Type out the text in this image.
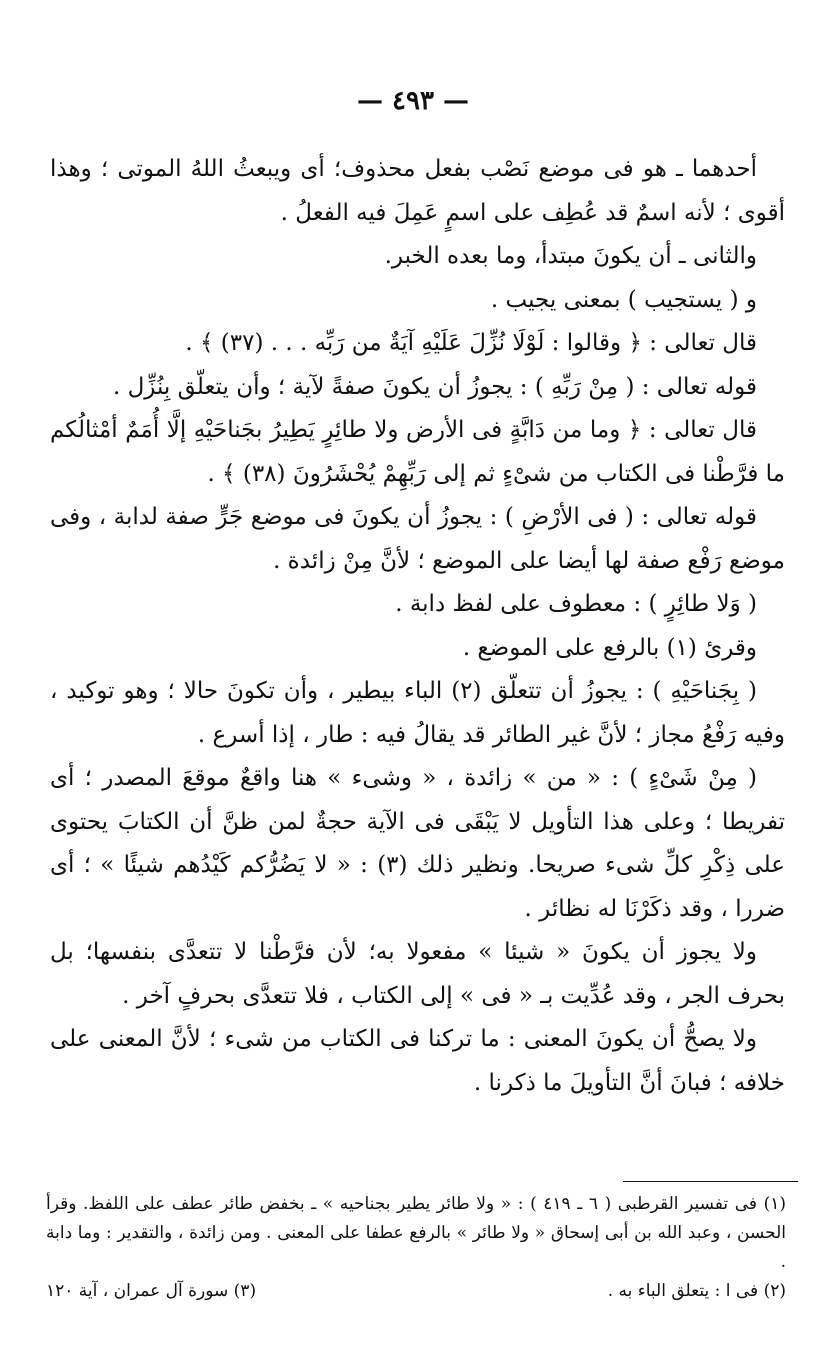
— ٤٩٣ —

أحدهما ـ هو فى موضع نَصْب بفعل محذوف؛ أى ويبعثُ اللهُ الموتى ؛ وهذا أقوى ؛ لأنه اسمٌ قد عُطِف على اسمٍ عَمِلَ فيه الفعلُ .

والثانى ـ أن يكونَ مبتدأ، وما بعده الخبر.

و ( يستجيب ) بمعنى يجيب .

قال تعالى : ﴿ وقالوا : لَوْلَا نُزِّلَ عَلَيْهِ آيَةٌ من رَبِّه . . . (٣٧) ﴾ .

قوله تعالى : ( مِنْ رَبِّهِ ) : يجوزُ أن يكونَ صفةً لآية ؛ وأن يتعلّق بِنُزِّل .

قال تعالى : ﴿ وما من دَابَّةٍ فى الأرض ولا طائِرٍ يَطِيرُ بجَناحَيْهِ إلَّا أُمَمٌ أمْثالُكم ما فرَّطْنا فى الكتاب من شىْءٍ ثم إلى رَبِّهِمْ يُحْشَرُونَ (٣٨) ﴾ .

قوله تعالى : ( فى الأرْضِ ) : يجوزُ أن يكونَ فى موضع جَرٍّ صفة لدابة ، وفى موضع رَفْع صفة لها أيضا على الموضع ؛ لأنَّ مِنْ زائدة .

( وَلا طائِرٍ ) : معطوف على لفظ دابة .

وقرئ (١) بالرفع على الموضع .

( بِجَناحَيْهِ ) : يجوزُ أن تتعلّق (٢) الباء بيطير ، وأن تكونَ حالا ؛ وهو توكيد ، وفيه رَفْعُ مجاز ؛ لأنَّ غير الطائر قد يقالُ فيه : طار ، إذا أسرع .

( مِنْ شَىْءٍ ) : « من » زائدة ، « وشىء » هنا واقعٌ موقعَ المصدر ؛ أى تفريطا ؛ وعلى هذا التأويل لا يَبْقَى فى الآية حجةٌ لمن ظنَّ أن الكتابَ يحتوى على ذِكْرِ كلِّ شىء صريحا. ونظير ذلك (٣) : « لا يَضُرُّكم كَيْدُهم شيئًا » ؛ أى ضررا ، وقد ذكَرْنَا له نظائر .

ولا يجوز أن يكونَ « شيئا » مفعولا به؛ لأن فرَّطْنا لا تتعدَّى بنفسها؛ بل بحرف الجر ، وقد عُدِّيت بـ « فى » إلى الكتاب ، فلا تتعدَّى بحرفٍ آخر .

ولا يصحُّ أن يكونَ المعنى : ما تركنا فى الكتاب من شىء ؛ لأنَّ المعنى على خلافه ؛ فبانَ أنَّ التأويلَ ما ذكرنا .

(١) فى تفسير القرطبى ( ٦ ـ ٤١٩ ) : « ولا طائر يطير بجناحيه » ـ بخفض طائر عطف على اللفظ. وقرأ الحسن ، وعبد الله بن أبى إسحاق « ولا طائر » بالرفع عطفا على المعنى . ومن زائدة ، والتقدير : وما دابة .

(٢) فى ا : يتعلق الباء به .
(٣) سورة آل عمران ، آية ١٢٠
